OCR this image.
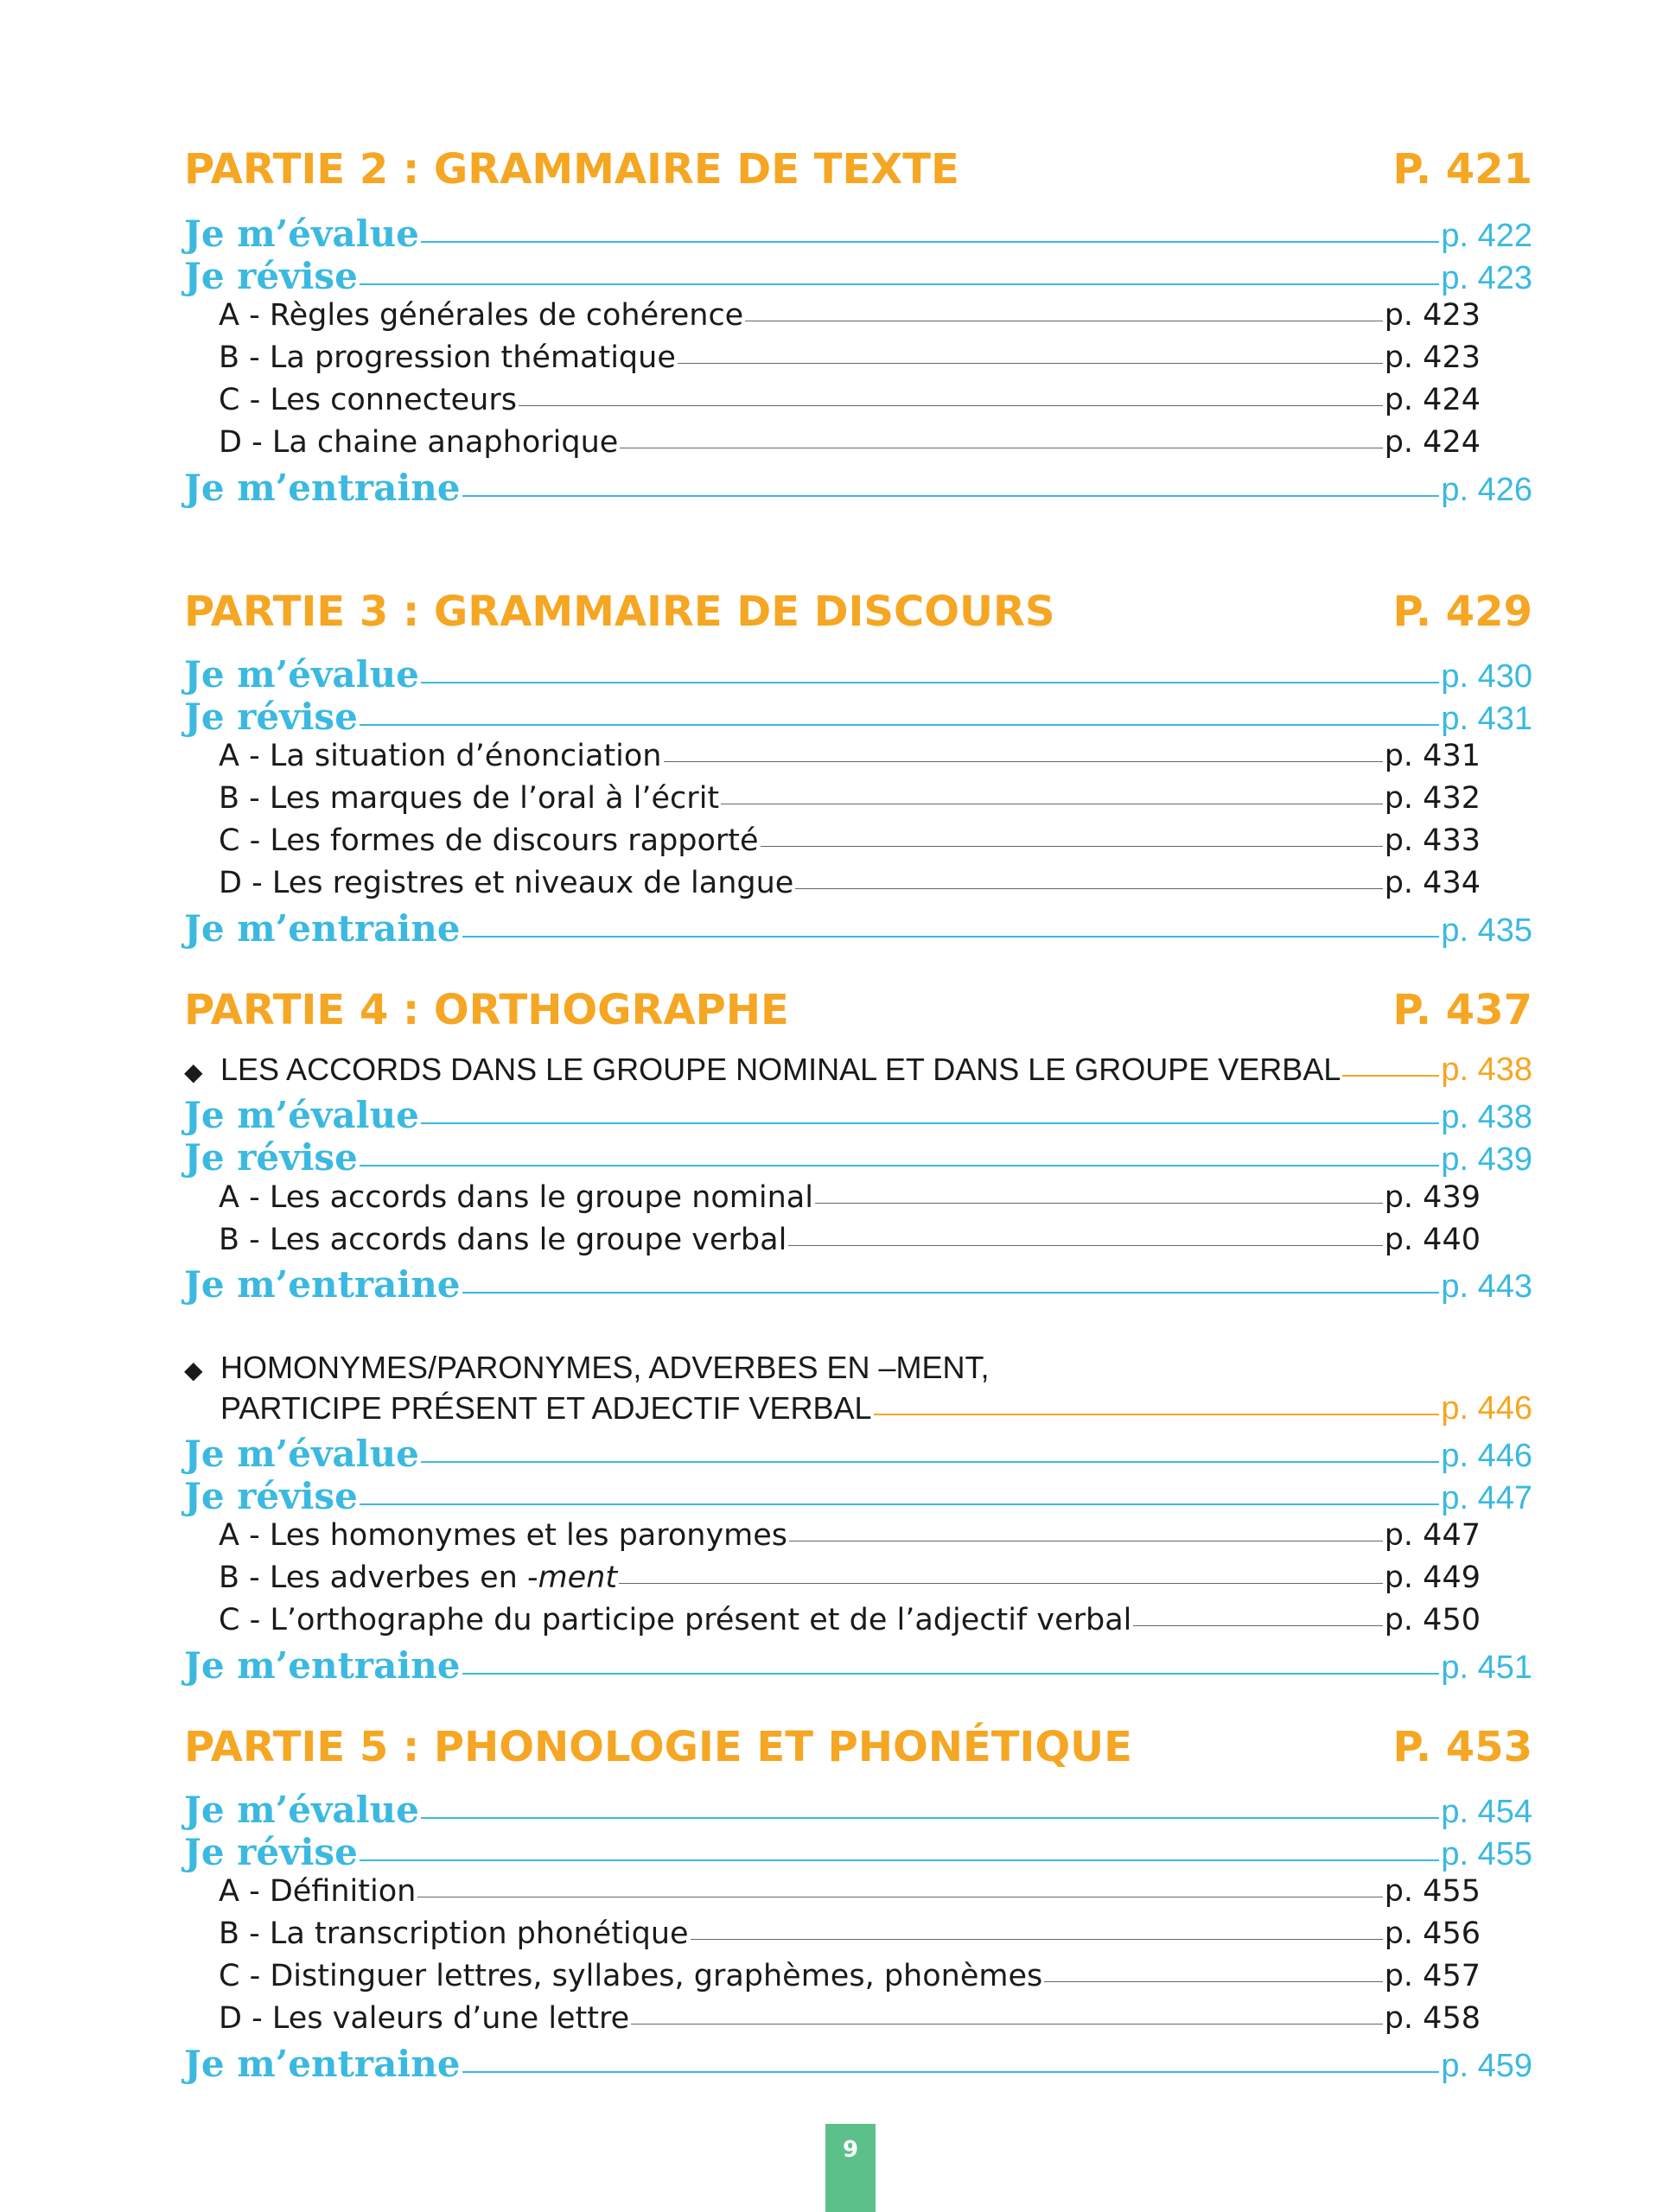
PARTIE 2 : GRAMMAIRE DE TEXTE	P. 421
Je m’évalue	p. 422
Je révise	p. 423
A - Règles générales de cohérence	p. 423
B - La progression thématique	p. 423
C - Les connecteurs	p. 424
D - La chaine anaphorique	p. 424
Je m’entraine	p. 426
PARTIE 3 : GRAMMAIRE DE DISCOURS	P. 429
Je m’évalue	p. 430
Je révise	p. 431
A - La situation d’énonciation	p. 431
B - Les marques de l’oral à l’écrit	p. 432
C - Les formes de discours rapporté	p. 433
D - Les registres et niveaux de langue	p. 434
Je m’entraine	p. 435
PARTIE 4 : ORTHOGRAPHE	P. 437
◆ LES ACCORDS DANS LE GROUPE NOMINAL ET DANS LE GROUPE VERBAL	p. 438
Je m’évalue	p. 438
Je révise	p. 439
A - Les accords dans le groupe nominal	p. 439
B - Les accords dans le groupe verbal	p. 440
Je m’entraine	p. 443
◆ HOMONYMES/PARONYMES, ADVERBES EN –MENT,
PARTICIPE PRÉSENT ET ADJECTIF VERBAL	p. 446
Je m’évalue	p. 446
Je révise	p. 447
A - Les homonymes et les paronymes	p. 447
B - Les adverbes en -ment	p. 449
C - L’orthographe du participe présent et de l’adjectif verbal	p. 450
Je m’entraine	p. 451
PARTIE 5 : PHONOLOGIE ET PHONÉTIQUE	P. 453
Je m’évalue	p. 454
Je révise	p. 455
A - Définition	p. 455
B - La transcription phonétique	p. 456
C - Distinguer lettres, syllabes, graphèmes, phonèmes	p. 457
D - Les valeurs d’une lettre	p. 458
Je m’entraine	p. 459
9
